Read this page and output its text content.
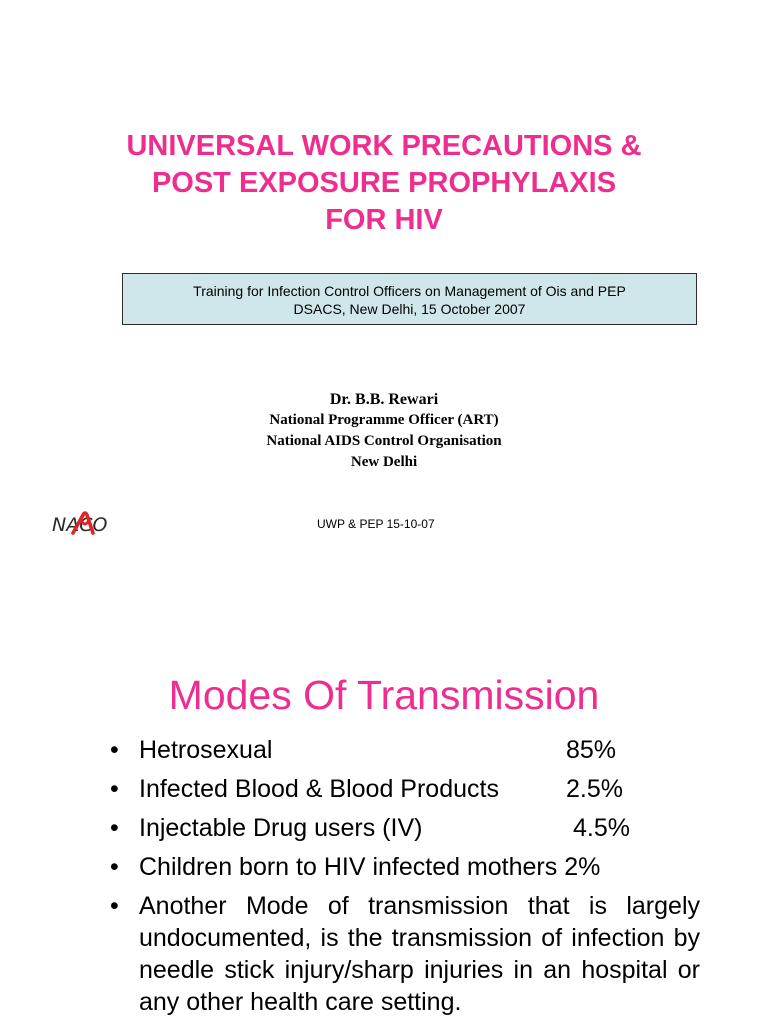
UNIVERSAL WORK PRECAUTIONS &
POST EXPOSURE PROPHYLAXIS
FOR HIV
Training for Infection Control Officers on Management of Ois and PEP
DSACS, New Delhi, 15 October 2007
Dr. B.B. Rewari
National Programme Officer (ART)
National AIDS Control Organisation
New Delhi
NACO	UWP & PEP 15-10-07
Modes Of Transmission
• Hetrosexual	85%
• Infected Blood & Blood Products	2.5%
• Injectable Drug users (IV)	4.5%
• Children born to HIV infected mothers 2%
• Another Mode of transmission that is largely undocumented, is the transmission of infection by needle stick injury/sharp injuries in an hospital or any other health care setting.
